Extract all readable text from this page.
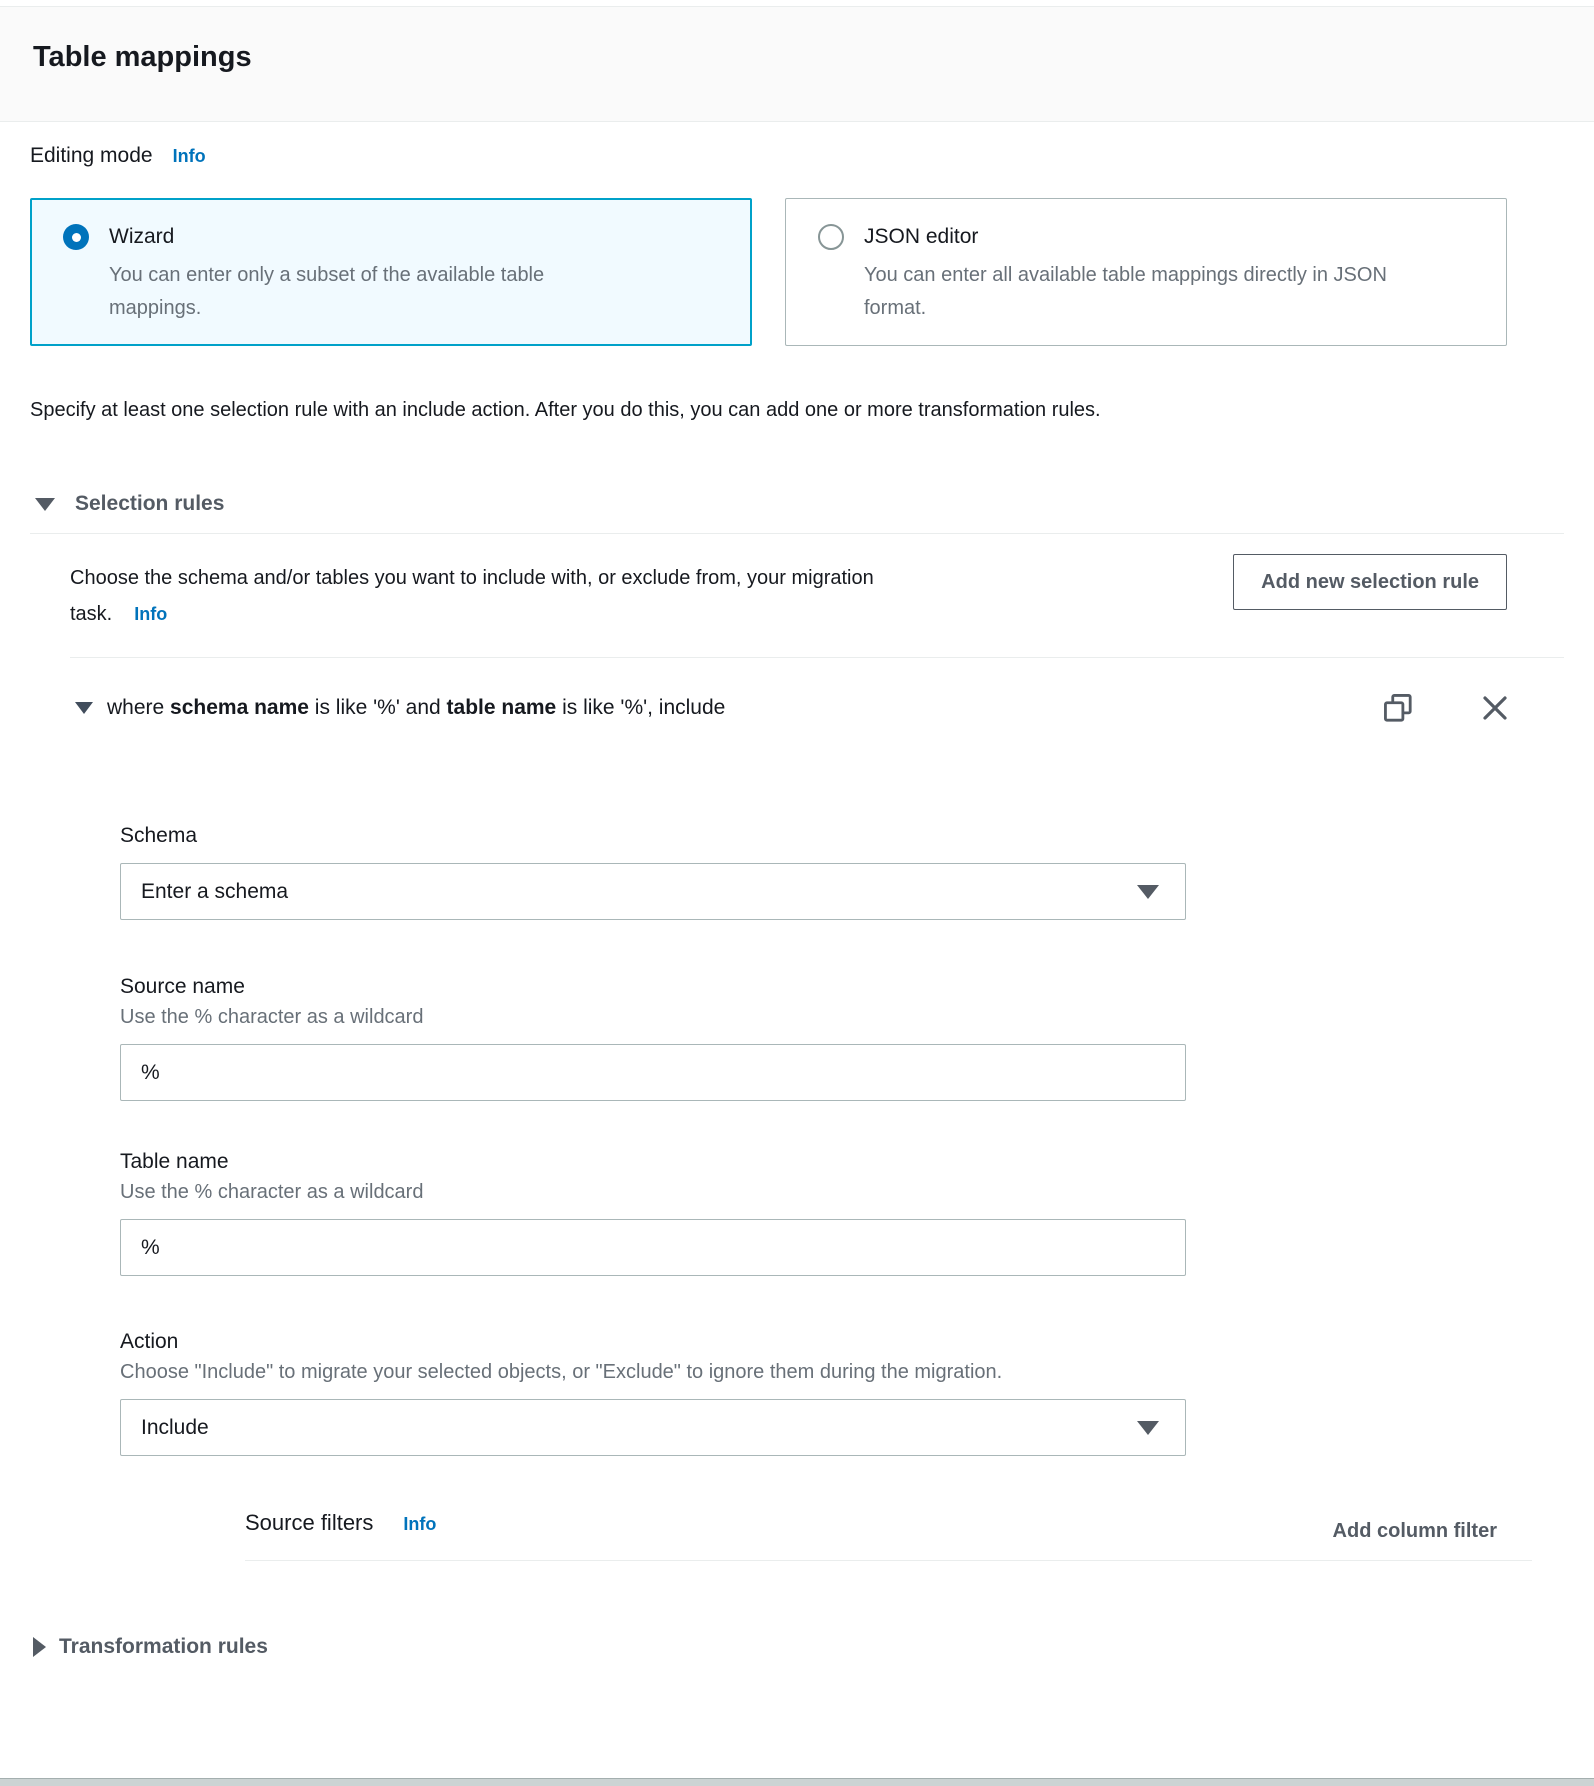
Table mappings
Editing mode Info
Wizard
You can enter only a subset of the available table mappings.
JSON editor
You can enter all available table mappings directly in JSON format.

Specify at least one selection rule with an include action. After you do this, you can add one or more transformation rules.

Selection rules

Choose the schema and/or tables you want to include with, or exclude from, your migration task. Info

Add new selection rule
where schema name is like '%' and table name is like '%', include
Schema
Enter a schema
Source name
Use the % character as a wildcard
%
Table name
Use the % character as a wildcard
%
Action
Choose "Include" to migrate your selected objects, or "Exclude" to ignore them during the migration.
Include
Source filters Info	Add column filter
Transformation rules
